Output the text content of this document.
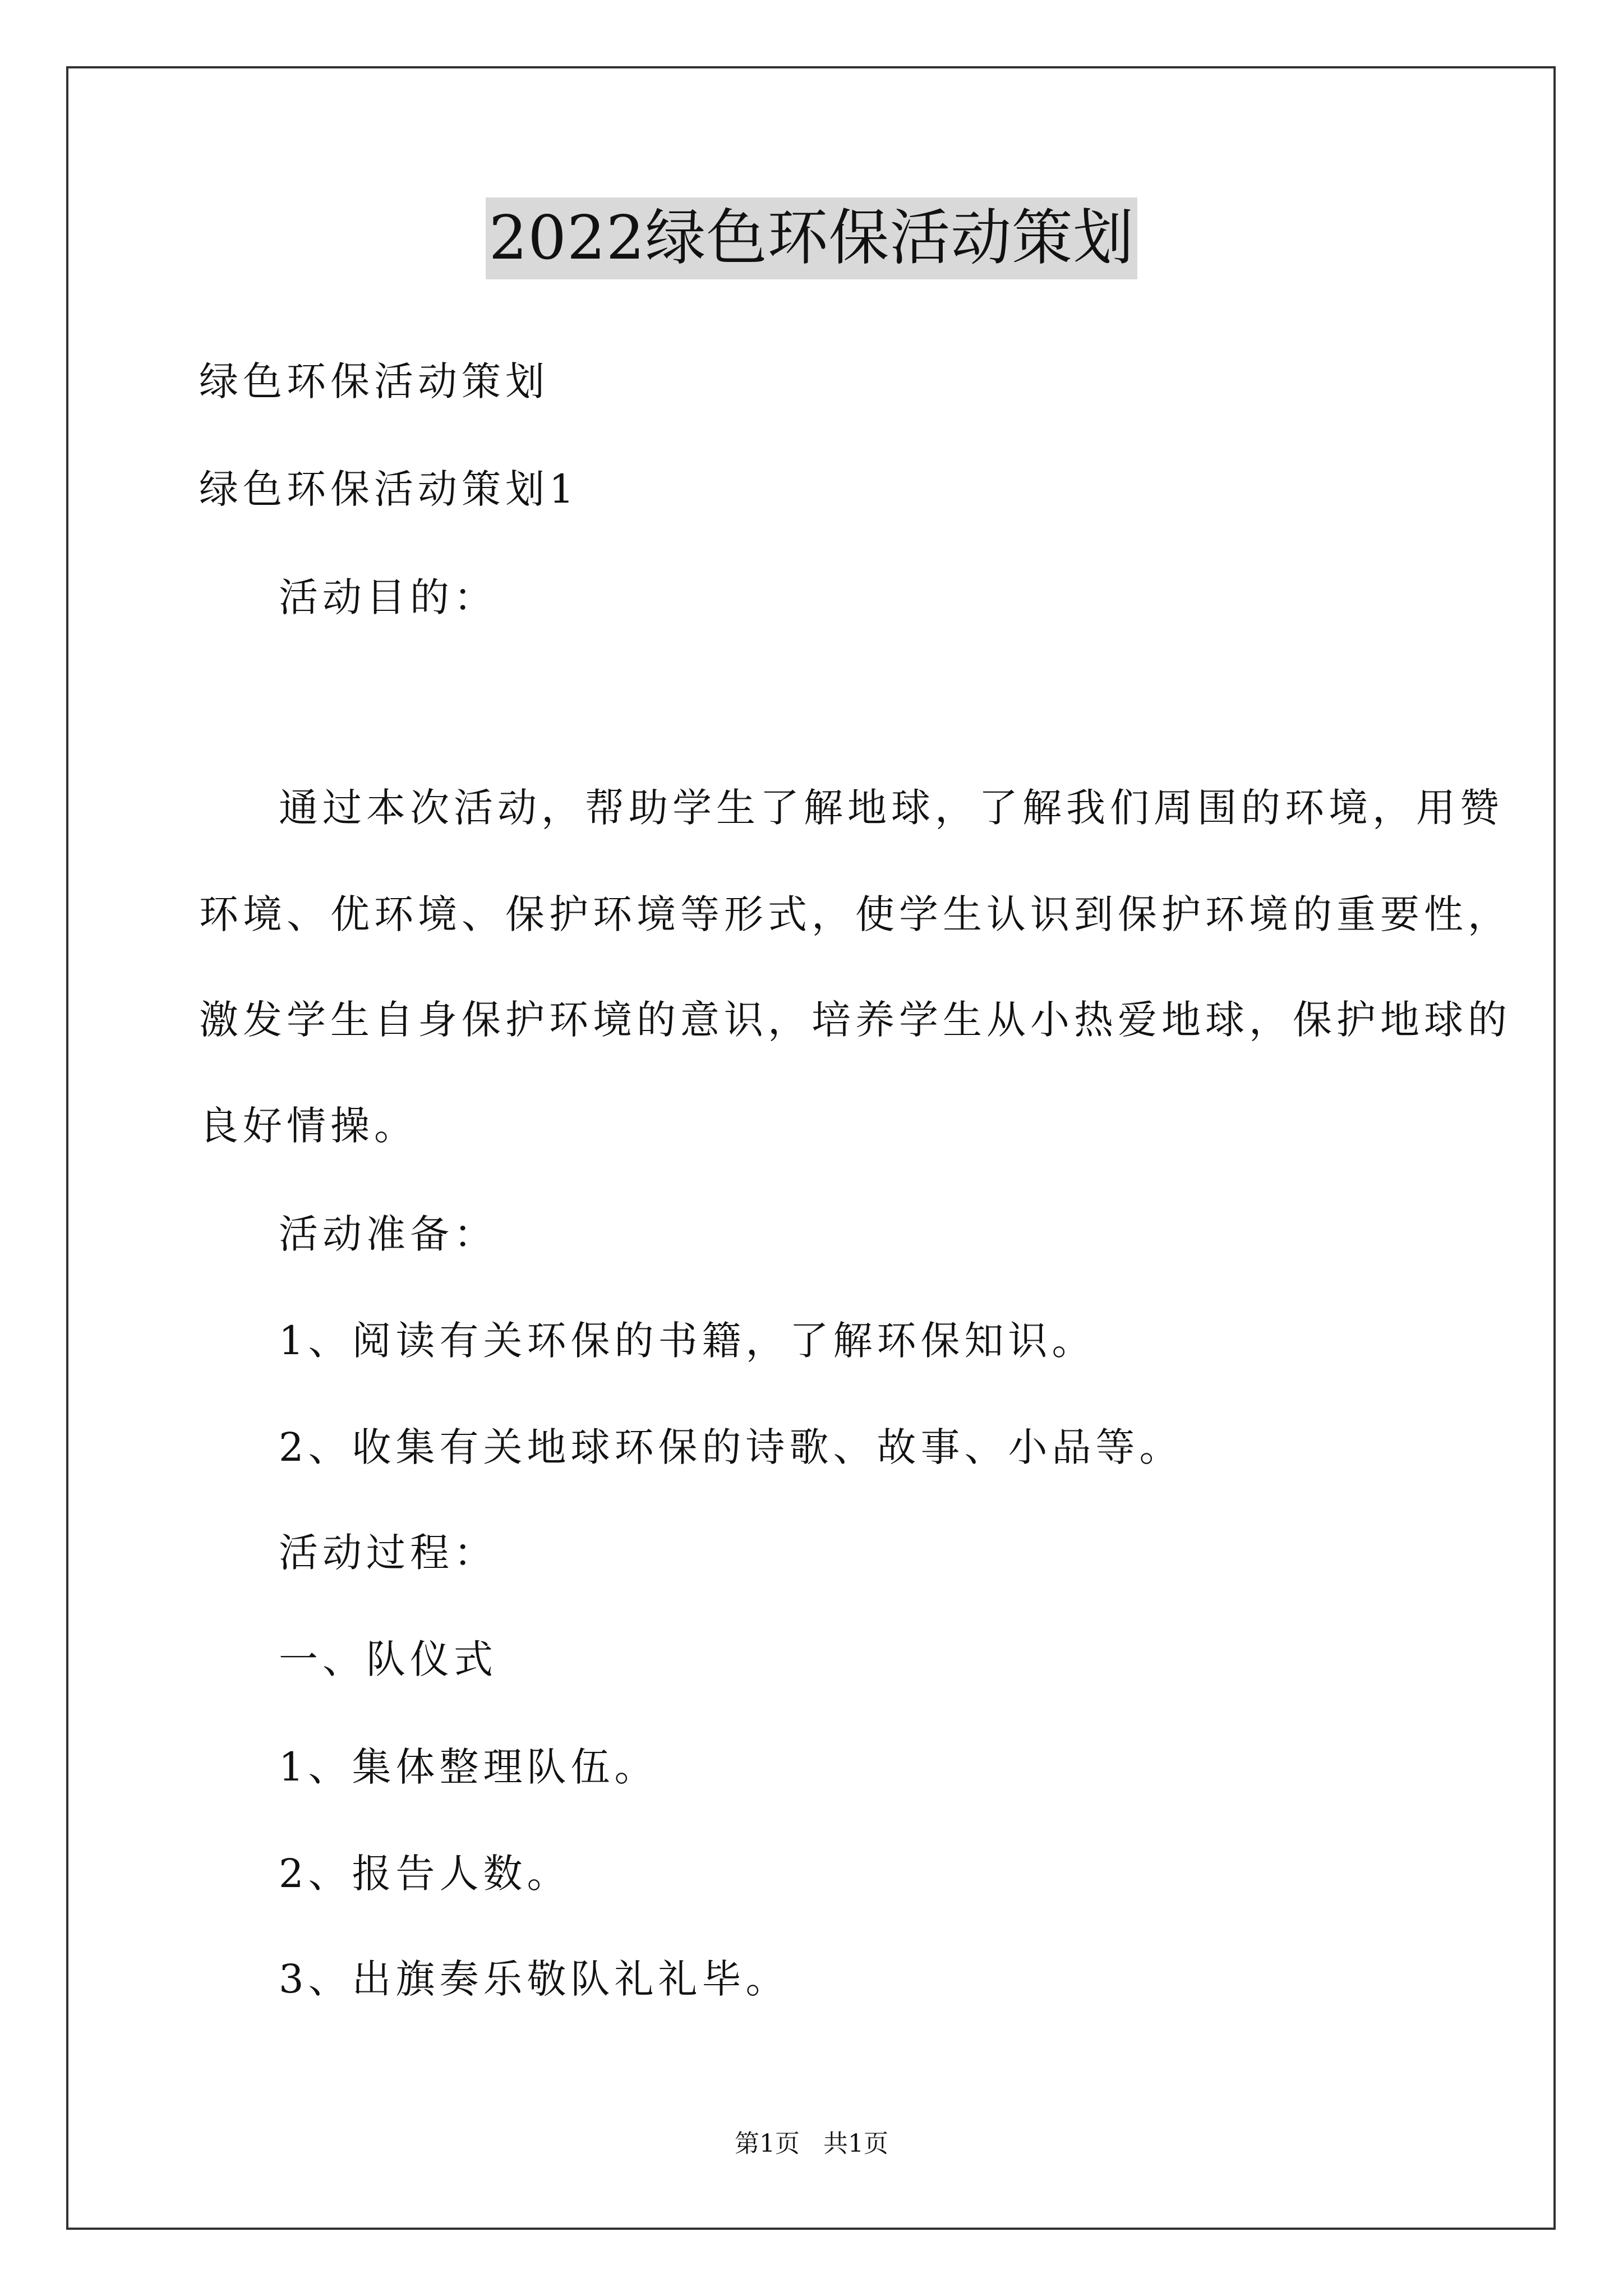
2022绿色环保活动策划
绿色环保活动策划
绿色环保活动策划1
活动目的：
通过本次活动，帮助学生了解地球，了解我们周围的环境，用赞
环境、优环境、保护环境等形式，使学生认识到保护环境的重要性，
激发学生自身保护环境的意识，培养学生从小热爱地球，保护地球的
良好情操。
活动准备：
1、阅读有关环保的书籍，了解环保知识。
2、收集有关地球环保的诗歌、故事、小品等。
活动过程：
一、队仪式
1、集体整理队伍。
2、报告人数。
3、出旗奏乐敬队礼礼毕。
第1页   共1页
